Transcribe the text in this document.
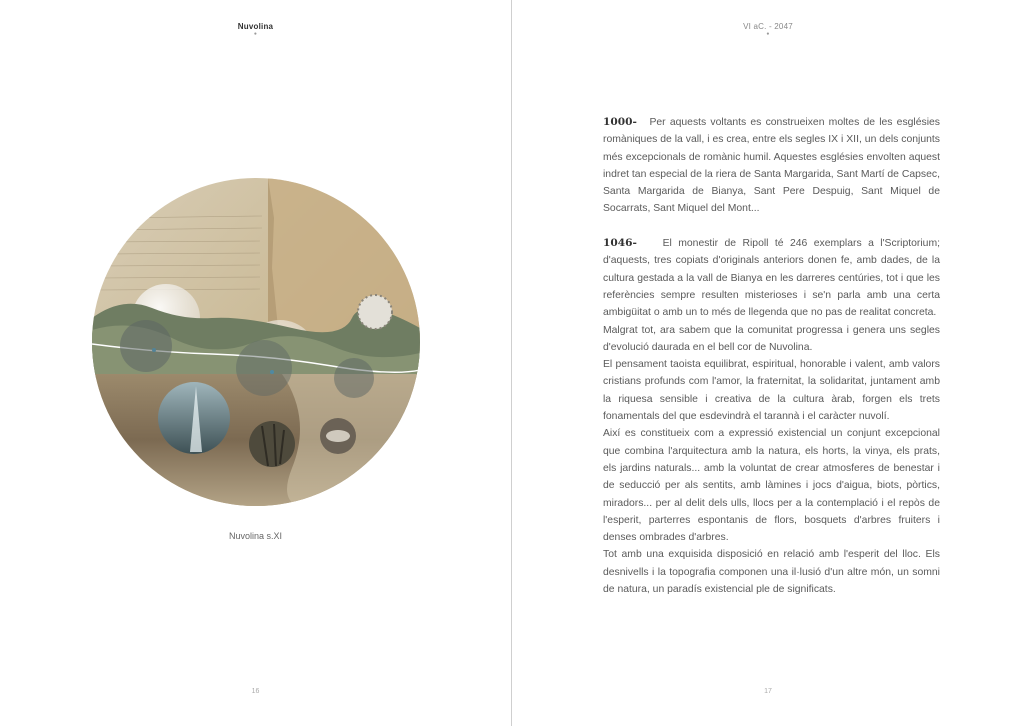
Nuvolina
●
Nuvolina s.XI
16
VI aC. - 2047
●

1000- Per aquests voltants es construeixen moltes de les esglésies romàniques de la vall, i es crea, entre els segles IX i XII, un dels conjunts més excepcionals de romànic humil. Aquestes esglésies envolten aquest indret tan especial de la riera de Santa Margarida, Sant Martí de Capsec, Santa Margarida de Bianya, Sant Pere Despuig, Sant Miquel de Socarrats, Sant Miquel del Mont...

1046- El monestir de Ripoll té 246 exemplars a l'Scriptorium; d'aquests, tres copiats d'originals anteriors donen fe, amb dades, de la cultura gestada a la vall de Bianya en les darreres centúries, tot i que les referències sempre resulten misterioses i se'n parla amb una certa ambigüitat o amb un to més de llegenda que no pas de realitat concreta.

Malgrat tot, ara sabem que la comunitat progressa i genera uns segles d'evolució daurada en el bell cor de Nuvolina.

El pensament taoista equilibrat, espiritual, honorable i valent, amb valors cristians profunds com l'amor, la fraternitat, la solidaritat, juntament amb la riquesa sensible i creativa de la cultura àrab, forgen els trets fonamentals del que esdevindrà el tarannà i el caràcter nuvolí.

Així es constitueix com a expressió existencial un conjunt excepcional que combina l'arquitectura amb la natura, els horts, la vinya, els prats, els jardins naturals... amb la voluntat de crear atmosferes de benestar i de seducció per als sentits, amb làmines i jocs d'aigua, biots, pòrtics, miradors... per al delit dels ulls, llocs per a la contemplació i el repòs de l'esperit, parterres espontanis de flors, bosquets d'arbres fruiters i denses ombrades d'arbres.

Tot amb una exquisida disposició en relació amb l'esperit del lloc. Els desnivells i la topografia componen una il·lusió d'un altre món, un somni de natura, un paradís existencial ple de significats.

17
